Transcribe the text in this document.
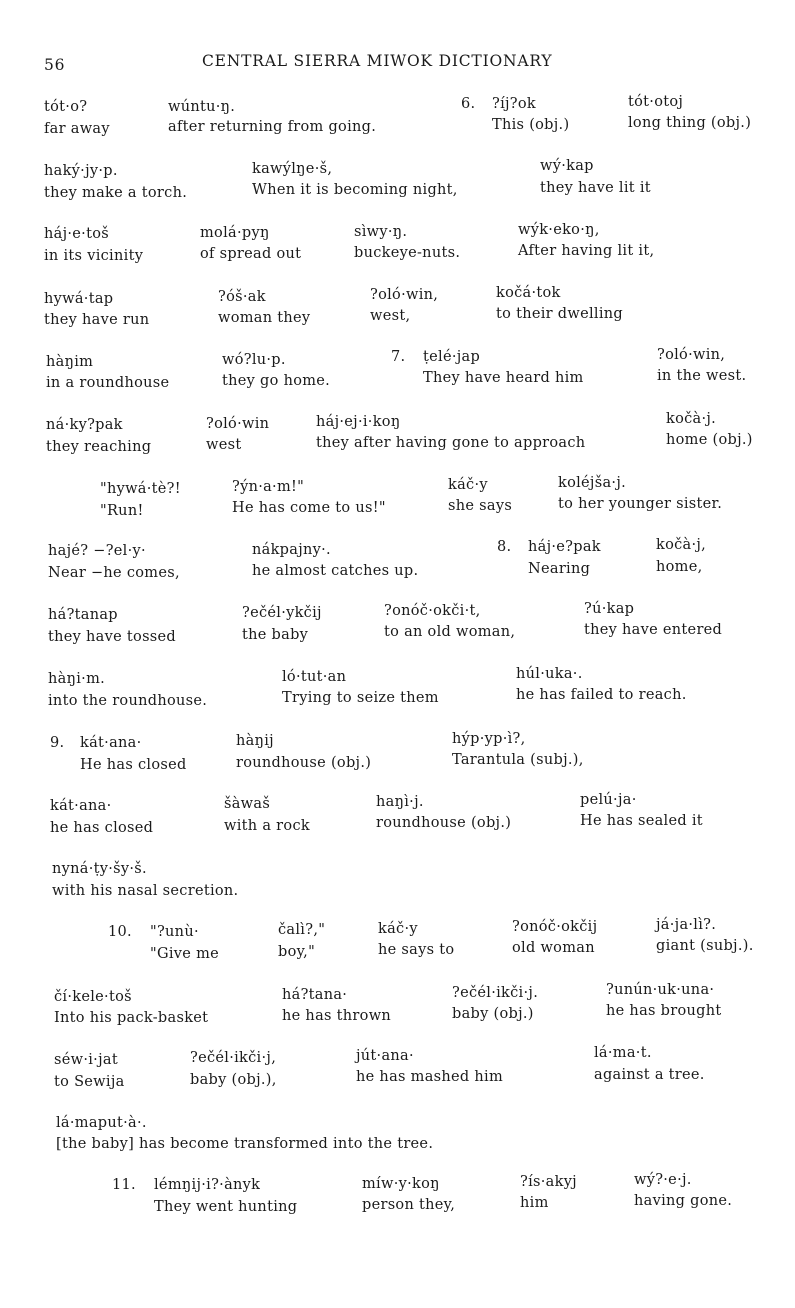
56	CENTRAL SIERRA MIWOK DICTIONARY
tót·o?
far away
wúntu·ŋ.
after returning from going.
6. ?íj?ok
This (obj.)
tót·otoj
long thing (obj.)
haký·jy·p.
they make a torch.
kawýlŋe·š,
When it is becoming night,
wý·kap
they have lit it
háj·e·toš
in its vicinity
molá·pyŋ
of spread out
sìwy·ŋ.
buckeye-nuts.
wýk·eko·ŋ,
After having lit it,
hywá·tap
they have run
?óš·ak
woman they
?oló·win,
west,
kočá·tok
to their dwelling
hàŋim
in a roundhouse
wó?lu·p.
they go home.
7. ṭelé·jap
They have heard him
?oló·win,
in the west.
ná·ky?pak
they reaching
?oló·win
west
háj·ej·i·koŋ
they after having gone to approach
kočà·j.
home (obj.)
"hywá·tè?!
"Run!
?ýn·a·m!"
He has come to us!"
káč·y
she says
koléjša·j.
to her younger sister.
hajé? −?el·y·
Near −he comes,
nákpajny·.
he almost catches up.
8. háj·e?pak
Nearing
kočà·j,
home,
há?tanap
they have tossed
?ečél·ykčij
the baby
?onóč·okči·t,
to an old woman,
?ú·kap
they have entered
hàŋi·m.
into the roundhouse.
ló·tut·an
Trying to seize them
húl·uka·.
he has failed to reach.
9. kát·ana·
He has closed
hàŋij
roundhouse (obj.)
hýp·yp·ì?,
Tarantula (subj.),
kát·ana·
he has closed
šàwaš
with a rock
haŋì·j.
roundhouse (obj.)
pelú·ja·
He has sealed it
nyná·ṭy·šy·š.
with his nasal secretion.
10. "?unù·
"Give me
čalì?,"
boy,"
káč·y
he says to
?onóč·okčij
old woman
já·ja·lì?.
giant (subj.).
čí·kele·toš
Into his pack-basket
há?tana·
he has thrown
?ečél·ikči·j.
baby (obj.)
?unún·uk·una·
he has brought
séw·i·jat
to Sewija
?ečél·ikči·j,
baby (obj.),
jút·ana·
he has mashed him
lá·ma·t.
against a tree.
lá·maput·à·.
[the baby] has become transformed into the tree.
11. lémŋij·i?·ànyk
They went hunting
míw·y·koŋ
person they,
?ís·akyj
him
wý?·e·j.
having gone.
